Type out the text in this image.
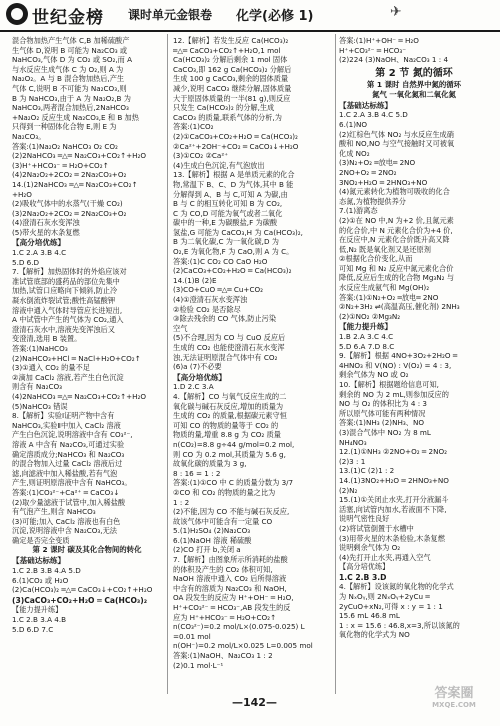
世纪金榜 课时单元金银卷 化学(必修 1)	✈
混合物加热产生气体 C,B 加稀硫酸产
生气体 D,说明 B 可能为 Na₂CO₃ 或
NaHCO₃,气体 D 为 CO₂ 或 SO₂,而 A
与水反应生成气体 C 为 O₂,则 A 为
Na₂O₂。A 与 B 混合物加热后,产生
气体 C,说明 B 不可能为 Na₂CO₃,则
B 为 NaHCO₃,由于 A 为 Na₂O₂,B 为
NaHCO₃,两者混合加热后,2NaHCO₃
+Na₂O₂ 反应生成 Na₂CO₃,E 和 B 加热
只得到一种固体化合物 E,则 E 为
Na₂CO₃。
答案:(1)Na₂O₂ NaHCO₃ O₂ CO₂
(2)2NaHCO₃ ═△═ Na₂CO₃+CO₂↑+H₂O
(3)H⁺+HCO₃⁻ ═ H₂O+CO₂↑
(4)2Na₂O₂+2CO₂ ═ 2Na₂CO₃+O₂
14.(1)2NaHCO₃ ═△═ Na₂CO₃+CO₂↑
+H₂O
(2)吸收气体中的水蒸气(干燥 CO₂)
(3)2Na₂O₂+2CO₂ ═ 2Na₂CO₃+O₂
(4)澄清石灰水变浑浊
(5)带火星的木条复燃
【高分培优练】
1.C 2.A 3.B 4.C
5.D 6.D
7.【解析】加热固体时的外焰应该对
准试管底部的盛药品的部位先集中
加热,试管口应略向下倾斜,防止冷
凝水倒流炸裂试管;酸性高锰酸钾
溶液中通入气体时导管应长进短出,
A 中试管中产生的气体为 CO₂,通入
澄清石灰水中,溶液先变浑浊后又
变澄清,选用 B 装置。
答案:(1)NaHCO₃
(2)NaHCO₃+HCl ═ NaCl+H₂O+CO₂↑
(3)①通入 CO₂ 的量不足
②滴加 CaCl₂ 溶液,若产生白色沉淀
则含有 Na₂CO₃
(4)2NaHCO₃ ═△═ Na₂CO₃+CO₂↑+H₂O
(5)NaHCO₃ 错误
8.【解析】实验Ⅰ证明产物中含有
NaHCO₃,实验Ⅱ中加入 CaCl₂ 溶液
产生白色沉淀,说明溶液中含有 CO₃²⁻,
溶液 A 中含有 Na₂CO₃,可通过实验
确定溶质成分;NaHCO₃ 和 Na₂CO₃
的混合物加入过量 CaCl₂ 溶液后过
滤,向滤液中加入稀盐酸,若有气泡
产生,则证明原溶液中含有 NaHCO₃。
答案:(1)CO₃²⁻+Ca²⁺ ═ CaCO₃↓
(2)取少量滤液于试管中,加入稀盐酸
有气泡产生,则含 NaHCO₃
(3)可能;加入 CaCl₂ 溶液也有白色
沉淀,说明溶液中含 Na₂CO₃,无法
确定是否完全变质
第 2 课时 碳及其化合物间的转化
【基础达标练】
1.C 2.B 3.B 4.A 5.D
6.(1)CO₂ 或 H₂O
(2)Ca(HCO₃)₂ ═△═ CaCO₃↓+CO₂↑+H₂O
(3)CaCO₃+CO₂+H₂O ═ Ca(HCO₃)₂
【能力提升练】
1.C 2.B 3.A 4.B
5.D 6.D 7.C
12.【解析】若发生反应 Ca(HCO₃)₂
═△═ CaCO₃+CO₂↑+H₂O,1 mol
Ca(HCO₃)₂ 分解后剩余 1 mol 固体
CaCO₃,即 162 g Ca(HCO₃)₂ 分解后
生成 100 g CaCO₃,剩余的固体质量
减少,说明 CaCO₃ 继续分解,固体质量
大于原固体质量的一半(81 g),则反应
只发生 Ca(HCO₃)₂ 的分解,生成
CaCO₃ 的质量,联系气体的分析,为
答案:(1)CO₂
(2)①CaCO₃+CO₂+H₂O ═ Ca(HCO₃)₂
②Ca²⁺+2OH⁻+CO₂ ═ CaCO₃↓+H₂O
(3)①CO₂ ②Ca²⁺
(4)生成白色沉淀,有气泡放出
13.【解析】根据 A 是单质元素的化合
物,常温下 B、C、D 为气体,其中 B 能
分解得到 A、B 与 C,可知 A 为碳,由
B 与 C 的相互转化可知 B 为 CO₂,
C 为 CO,D 可能为氧气或者二氧化
碳中的一种,E 为碳酸盐,F 为碳酸
氢盐,G 可能为 CaCO₃,H 为 Ca(HCO₃)₂,
B 为二氧化碳,C 为一氧化碳,D 为
O₂,E 为氧化物,F 为 CaO,则 A 为 C。
答案:(1)C CO₂ CO CaO H₂O
(2)CaCO₃+CO₂+H₂O ═ Ca(HCO₃)₂
14.(1)B (2)E
(3)CO+CuO ═△═ Cu+CO₂
(4)①澄清石灰水变浑浊
②检验 CO₂ 是否除尽
③除去残余的 CO 气体,防止污染
空气
(5)不合理,因为 CO 与 CuO 反应后
生成的 CO₂ 也能使澄清石灰水变浑
浊,无法证明原混合气体中有 CO₂
(6)a (7)不必要
【高分培优练】
1.D 2.C 3.A
4.【解析】CO 与氧气反应生成的二
氧化碳与碱石灰反应,增加的质量为
生成的 CO₂ 的质量,根据碳元素守恒
可知 CO 的物质的量等于 CO₂ 的
物质的量,增重 8.8 g 为 CO₂ 质量
n(CO₂)=8.8 g÷44 g/mol=0.2 mol,
则 CO 为 0.2 mol,其质量为 5.6 g,
故氧化碳的质量为 3 g,
8 : 16 = 1 : 2
答案:(1)①CO 中 C 的质量分数为 3/7
②CO 和 CO₂ 的物质的量之比为
1 : 2
(2)不能,因为 CO 不能与碱石灰反应,
故该气体中可能含有一定量 CO
5.(1)H₂SO₄ (2)Na₂CO₃
6.(1)NaOH 溶液 稀硫酸
(2)CO 打开 b,关闭 a
7.【解析】由图象所示所消耗的盐酸
的体积及产生的 CO₂ 体积可知,
NaOH 溶液中通入 CO₂ 后所得溶液
中含有的溶质为 Na₂CO₃ 和 NaOH,
OA 段发生的反应为 H⁺+OH⁻ ═ H₂O,
H⁺+CO₃²⁻ ═ HCO₃⁻,AB 段发生的反
应为 H⁺+HCO₃⁻ ═ H₂O+CO₂↑
n(CO₃²⁻)=0.2 mol/L×(0.075-0.025) L
=0.01 mol
n(OH⁻)=0.2 mol/L×0.025 L=0.005 mol
答案:(1)NaOH、Na₂CO₃ 1 : 2
(2)0.1 mol·L⁻¹
答案:(1)H⁺+OH⁻ ═ H₂O
H⁺+CO₃²⁻ ═ HCO₃⁻
(2)224 (3)NaOH、Na₂CO₃ 1 : 4
第 2 节 氮的循环
第 1 课时 自然界中氮的循环
氮气 一氧化氮和二氧化氮
【基础达标练】
1.C 2.A 3.B 4.C 5.D
6.(1)NO
(2)红棕色气体 NO₂ 与水反应生成硝
酸和 NO,NO 与空气接触时又可被氧
化成 NO₂
(3)N₂+O₂ ═放电═ 2NO
2NO+O₂ ═ 2NO₂
3NO₂+H₂O ═ 2HNO₃+NO
(4)氮元素转化为植物可吸收的化合
态氮,为植物提供养分
7.(1)游离态
(2)①在 NO 中,N 为+2 价,且氮元素
的化合价,中 N 元素化合价为+4 价,
在反应中,N 元素化合价既升高又降
低,N₂ 既是氧化剂又是还原剂
②根据化合价变化,从而
可知 Mg 和 N₂ 反应中氮元素化合价
降低,反应后生成的化合物 Mg₃N₂ 与
水反应生成氨气和 Mg(OH)₂
答案:(1)①N₂+O₂ ═放电═ 2NO
②N₂+3H₂ ⇌(高温高压,催化剂) 2NH₃
(2)①NO₂ ②Mg₃N₂
【能力提升练】
1.B 2.A 3.C 4.C
5.D 6.A 7.D 8.C
9.【解析】根据 4NO+3O₂+2H₂O ═
4HNO₃ 和 V(NO) : V(O₂) = 4 : 3,
剩余气体为 NO 或 O₂
10.【解析】根据题给信息可知,
剩余的 NO 为 2 mL,则参加反应的
NO 与 O₂ 的体积比为 4 : 3
所以原气体可能有两种情况
答案:(1)NH₃ (2)NH₃、NO
(3)混合气体中 NO₂ 为 8 mL
NH₄NO₃
12.(1)①NH₃ ②2NO+O₂ ═ 2NO₂
(2)3 : 1
13.(1)C (2)1 : 2
14.(1)3NO₂+H₂O ═ 2HNO₃+NO
(2)N₂
15.(1)①关闭止水夹,打开分液漏斗
活塞,向试管内加水,若液面不下降,
说明气密性良好
(2)将试管倒置于水槽中
(3)用带火星的木条检验,木条复燃
说明剩余气体为 O₂
(4)先打开止水夹,再通入空气
【高分培优练】
1.C 2.B 3.D
4.【解析】设该氮的氧化物的化学式
为 NₓOᵧ,则 2NₓOᵧ+2yCu ═
2yCuO+xN₂,可得 x : y = 1 : 1
15.6 mL 46.8 mL
1 : x = 15.6 : 46.8,x=3,所以该氮的
氧化物的化学式为 NO
—142—
答案圈
MXQE.COM
